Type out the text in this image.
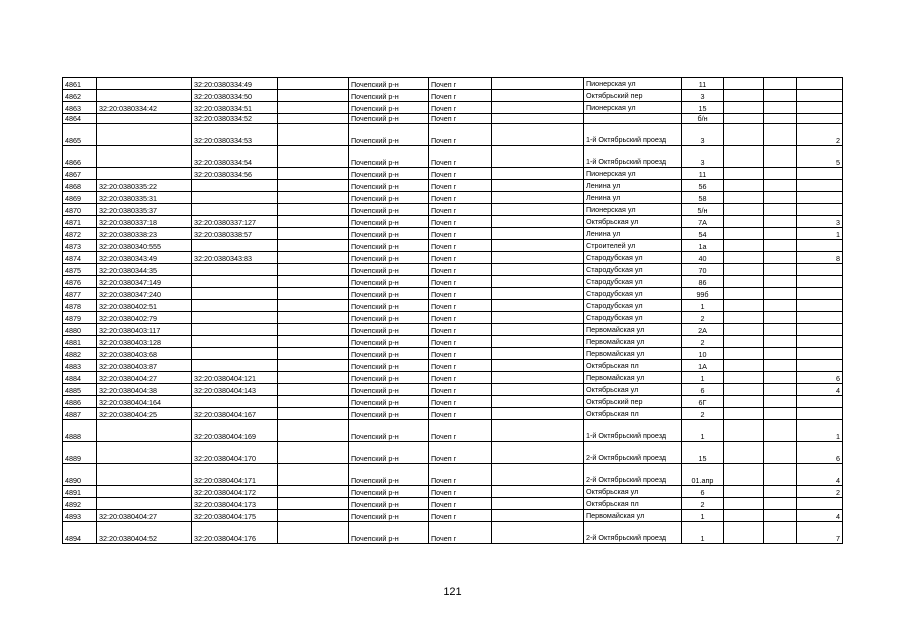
4861		32:20:0380334:49		Почепский р-н	Почеп г			Пионерская ул	11			
4862		32:20:0380334:50		Почепский р-н	Почеп г			Октябрьский пер	3			
4863	32:20:0380334:42	32:20:0380334:51		Почепский р-н	Почеп г			Пионерская ул	15			
4864		32:20:0380334:52		Почепский р-н	Почеп г				б/н			
4865		32:20:0380334:53		Почепский р-н	Почеп г			1-й Октябрьский проезд	3			2
4866		32:20:0380334:54		Почепский р-н	Почеп г			1-й Октябрьский проезд	3			5
4867		32:20:0380334:56		Почепский р-н	Почеп г			Пионерская ул	11			
4868	32:20:0380335:22			Почепский р-н	Почеп г			Ленина ул	56			
4869	32:20:0380335:31			Почепский р-н	Почеп г			Ленина ул	58			
4870	32:20:0380335:37			Почепский р-н	Почеп г			Пионерская ул	5/н			
4871	32:20:0380337:18	32:20:0380337:127		Почепский р-н	Почеп г			Октябрьская ул	7А			3
4872	32:20:0380338:23	32:20:0380338:57		Почепский р-н	Почеп г			Ленина ул	54			1
4873	32:20:0380340:555			Почепский р-н	Почеп г			Строителей ул	1а			
4874	32:20:0380343:49	32:20:0380343:83		Почепский р-н	Почеп г			Стародубская ул	40			8
4875	32:20:0380344:35			Почепский р-н	Почеп г			Стародубская ул	70			
4876	32:20:0380347:149			Почепский р-н	Почеп г			Стародубская ул	86			
4877	32:20:0380347:240			Почепский р-н	Почеп г			Стародубская ул	99б			
4878	32:20:0380402:51			Почепский р-н	Почеп г			Стародубская ул	1			
4879	32:20:0380402:79			Почепский р-н	Почеп г			Стародубская ул	2			
4880	32:20:0380403:117			Почепский р-н	Почеп г			Первомайская ул	2А			
4881	32:20:0380403:128			Почепский р-н	Почеп г			Первомайская ул	2			
4882	32:20:0380403:68			Почепский р-н	Почеп г			Первомайская ул	10			
4883	32:20:0380403:87			Почепский р-н	Почеп г			Октябрьская пл	1А			
4884	32:20:0380404:27	32:20:0380404:121		Почепский р-н	Почеп г			Первомайская ул	1			6
4885	32:20:0380404:38	32:20:0380404:143		Почепский р-н	Почеп г			Октябрьская ул	6			4
4886	32:20:0380404:164			Почепский р-н	Почеп г			Октябрьский пер	6Г			
4887	32:20:0380404:25	32:20:0380404:167		Почепский р-н	Почеп г			Октябрьская пл	2			
4888		32:20:0380404:169		Почепский р-н	Почеп г			1-й Октябрьский проезд	1			1
4889		32:20:0380404:170		Почепский р-н	Почеп г			2-й Октябрьский проезд	15			6
4890		32:20:0380404:171		Почепский р-н	Почеп г			2-й Октябрьский проезд	01.апр			4
4891		32:20:0380404:172		Почепский р-н	Почеп г			Октябрьская ул	6			2
4892		32:20:0380404:173		Почепский р-н	Почеп г			Октябрьская пл	2			
4893	32:20:0380404:27	32:20:0380404:175		Почепский р-н	Почеп г			Первомайская ул	1			4
4894	32:20:0380404:52	32:20:0380404:176		Почепский р-н	Почеп г			2-й Октябрьский проезд	1			7
121
